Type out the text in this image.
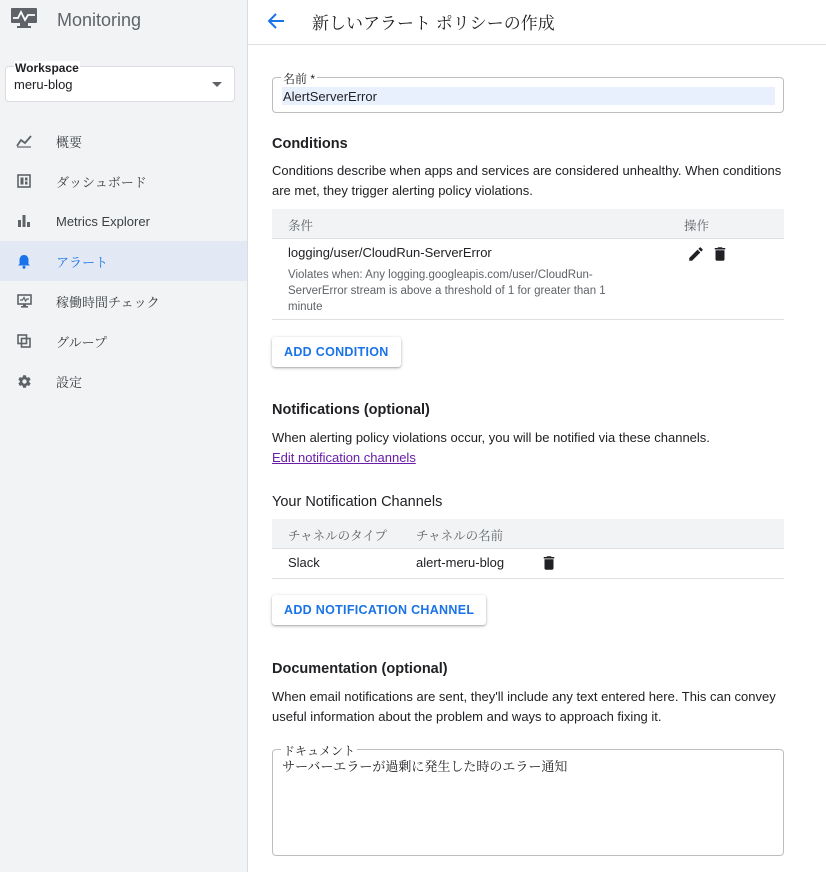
Monitoring
Workspace
meru-blog
概要
ダッシュボード
Metrics Explorer
アラート
稼働時間チェック
グループ
設定
新しいアラート ポリシーの作成
名前 *
AlertServerError
Conditions

Conditions describe when apps and services are considered unhealthy. When conditions are met, they trigger alerting policy violations.

条件	操作
logging/user/CloudRun-ServerError
Violates when: Any logging.googleapis.com/user/CloudRun-ServerError stream is above a threshold of 1 for greater than 1 minute
ADD CONDITION
Notifications (optional)

When alerting policy violations occur, you will be notified via these channels.

Edit notification channels
Your Notification Channels
チャネルのタイプ チャネルの名前
Slack	alert-meru-blog
ADD NOTIFICATION CHANNEL
Documentation (optional)

When email notifications are sent, they'll include any text entered here. This can convey useful information about the problem and ways to approach fixing it.

ドキュメント
サーバーエラーが過剰に発生した時のエラー通知
